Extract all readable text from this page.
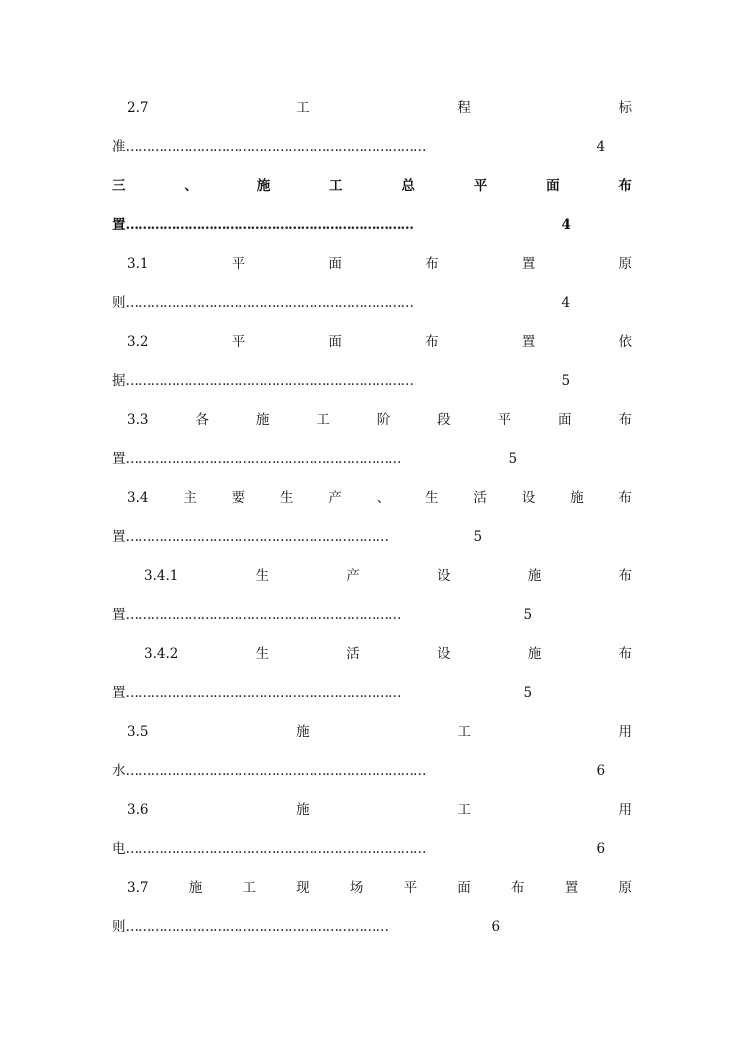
2.7	工	程	标
准 ………………………………………………………………	4
三	、	施	工	总	平	面	布
置 ……………………………………………………………	4
3.1	平	面	布	置	原
则 ……………………………………………………………	4
3.2	平	面	布	置	依
据 ……………………………………………………………	5
3.3	各	施	工	阶	段	平	面	布
置 …………………………………………………………	5
3.4	主	要	生	产	、	生	活	设	施	布
置 ………………………………………………………	5
3.4.1	生	产	设	施	布
置 …………………………………………………………	5
3.4.2	生	活	设	施	布
置 …………………………………………………………	5
3.5	施	工	用
水 ………………………………………………………………	6
3.6	施	工	用
电 ………………………………………………………………	6
3.7	施	工	现	场	平	面	布	置	原
则 ………………………………………………………	6
